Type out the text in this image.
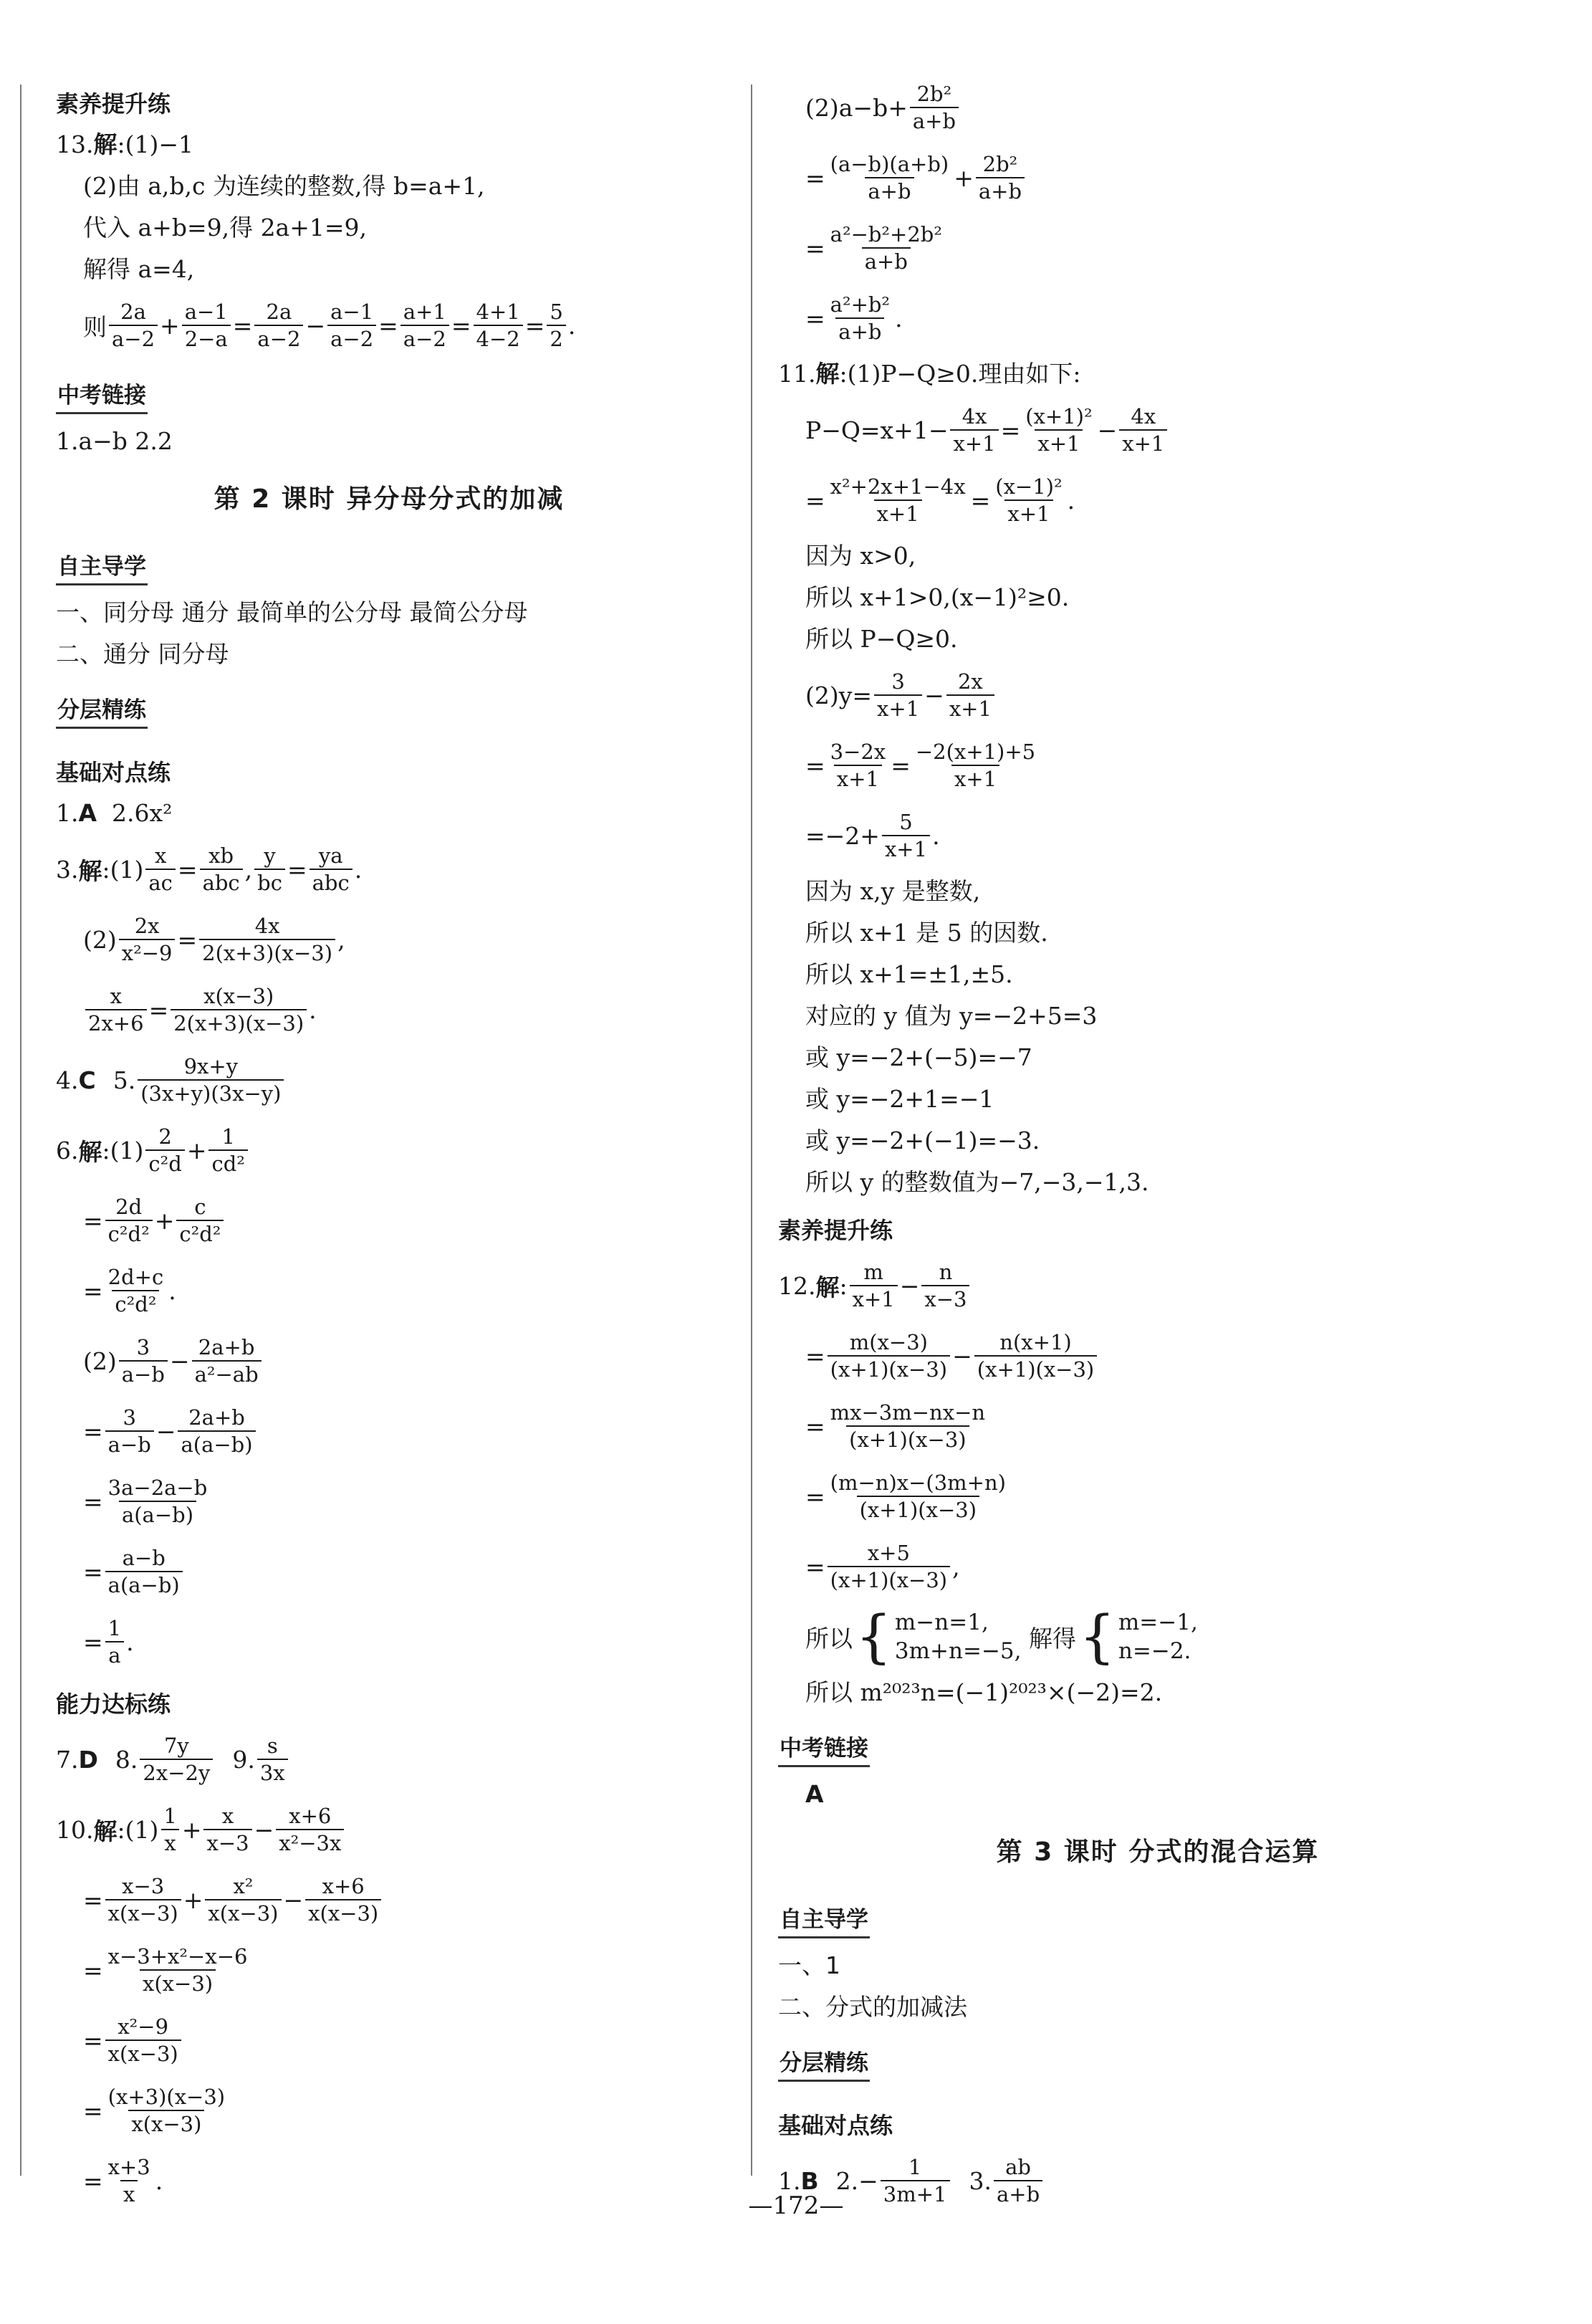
素养提升练
13.解:(1)−1
(2)由 a,b,c 为连续的整数,得 b=a+1,
代入 a+b=9,得 2a+1=9,
解得 a=4,
则 $\frac{2a}{a-2} + \frac{a-1}{2-a} = \frac{2a}{a-2} - \frac{a-1}{a-2} = \frac{a+1}{a-2} = \frac{4+1}{4-2} = \frac{5}{2}$ .
中考链接
1.a−b 2.2
第 2 课时 异分母分式的加减
自主导学
一、同分母 通分 最简单的公分母 最简公分母
二、通分 同分母
分层精练
基础对点练
1.A 2.6x²
3. 解 :(1) $\frac{x}{ac} = \frac{xb}{\text{abc}}$ , $\frac{y}{bc} = \frac{ya}{\text{abc}}$ .
$(2) \frac{2x}{\text{x²−9}} = \frac{4x}{2(x+3)(x-3)}$ ,
$\frac{x}{2x+6} = \frac{x(x-3)}{2(x+3)(x-3)}$ .
4. C 5. $\frac{9x+y}{(3x+y)(3x-y)}$
6. 解 :(1) $\frac{2}{\text{c²d}} + \frac{1}{\text{cd²}}$
= $\frac{2d}{\text{c²d²}} + \frac{c}{\text{c²d²}}$
= $\frac{2d+c}{\text{c²d²}}$ .
$(2) \frac{3}{a-b} - \frac{2a+b}{\text{a²−ab}}$
= $\frac{3}{a-b} - \frac{2a+b}{a(a-b)}$
= $\frac{3a-2a-b}{a(a-b)}$
= $\frac{a-b}{a(a-b)}$
= $\frac{1}{a}$ .
能力达标练
7. D 8. $\frac{7y}{2x-2y} 9$. $\frac{s}{3x}$
10. 解 :(1) $\frac{1}{x} + \frac{x}{x-3} - \frac{x+6}{\text{x²−3x}}$
= $\frac{x-3}{x(x-3)} + \frac{\text{x²}}{x(x-3)} - \frac{x+6}{x(x-3)}$
= $\frac{\text{x−3+x²−x−6}}{x(x-3)}$
= $\frac{\text{x²−9}}{x(x-3)}$
= $\frac{(x+3)(x-3)}{x(x-3)}$
= $\frac{x+3}{x}$ .
$(2)a-b+ \frac{\text{2b²}}{a+b}$
= $\frac{(a-b)(a+b)}{a+b} + \frac{\text{2b²}}{a+b}$
= $\frac{\text{a²−b²+2b²}}{a+b}$
= $\frac{\text{a²+b²}}{a+b}$ .
11.解:(1)P−Q≥0.理由如下:
$P-Q=x+1- \frac{4x}{x+1} = \frac{\text{(x+1)²}}{x+1} - \frac{4x}{x+1}$
= $\frac{\text{x²+2x+1−4x}}{x+1} = \frac{\text{(x−1)²}}{x+1}$ .
因为 x>0,
所以 x+1>0,(x−1)²≥0.
所以 P−Q≥0.
$(2)y= \frac{3}{x+1} - \frac{2x}{x+1}$
= $\frac{3-2x}{x+1} = \frac{-2(x+1)+5}{x+1}$
$=-2+ \frac{5}{x+1}$ .
因为 x,y 是整数,
所以 x+1 是 5 的因数.
所以 x+1=±1,±5.
对应的 y 值为 y=−2+5=3
或 y=−2+(−5)=−7
或 y=−2+1=−1
或 y=−2+(−1)=−3.
所以 y 的整数值为−7,−3,−1,3.
素养提升练
12. 解 : $\frac{m}{x+1} - \frac{n}{x-3}$
= $\frac{m(x-3)}{(x+1)(x-3)} - \frac{n(x+1)}{(x+1)(x-3)}$
= $\frac{mx-3m-nx-n}{(x+1)(x-3)}$
= $\frac{(m-n)x-(3m+n)}{(x+1)(x-3)}$
= $\frac{x+5}{(x+1)(x-3)}$ ,
所以 { m−n=1,
3m+n=−5,
解得 { m=−1,
n=−2.
所以 m²⁰²³n=(−1)²⁰²³×(−2)=2.
中考链接
A
第 3 课时 分式的混合运算
自主导学
一、1
二、分式的加减法
分层精练
基础对点练
1. B $2.- \frac{1}{3m+1} 3$. $\frac{ab}{a+b}$
—172—
